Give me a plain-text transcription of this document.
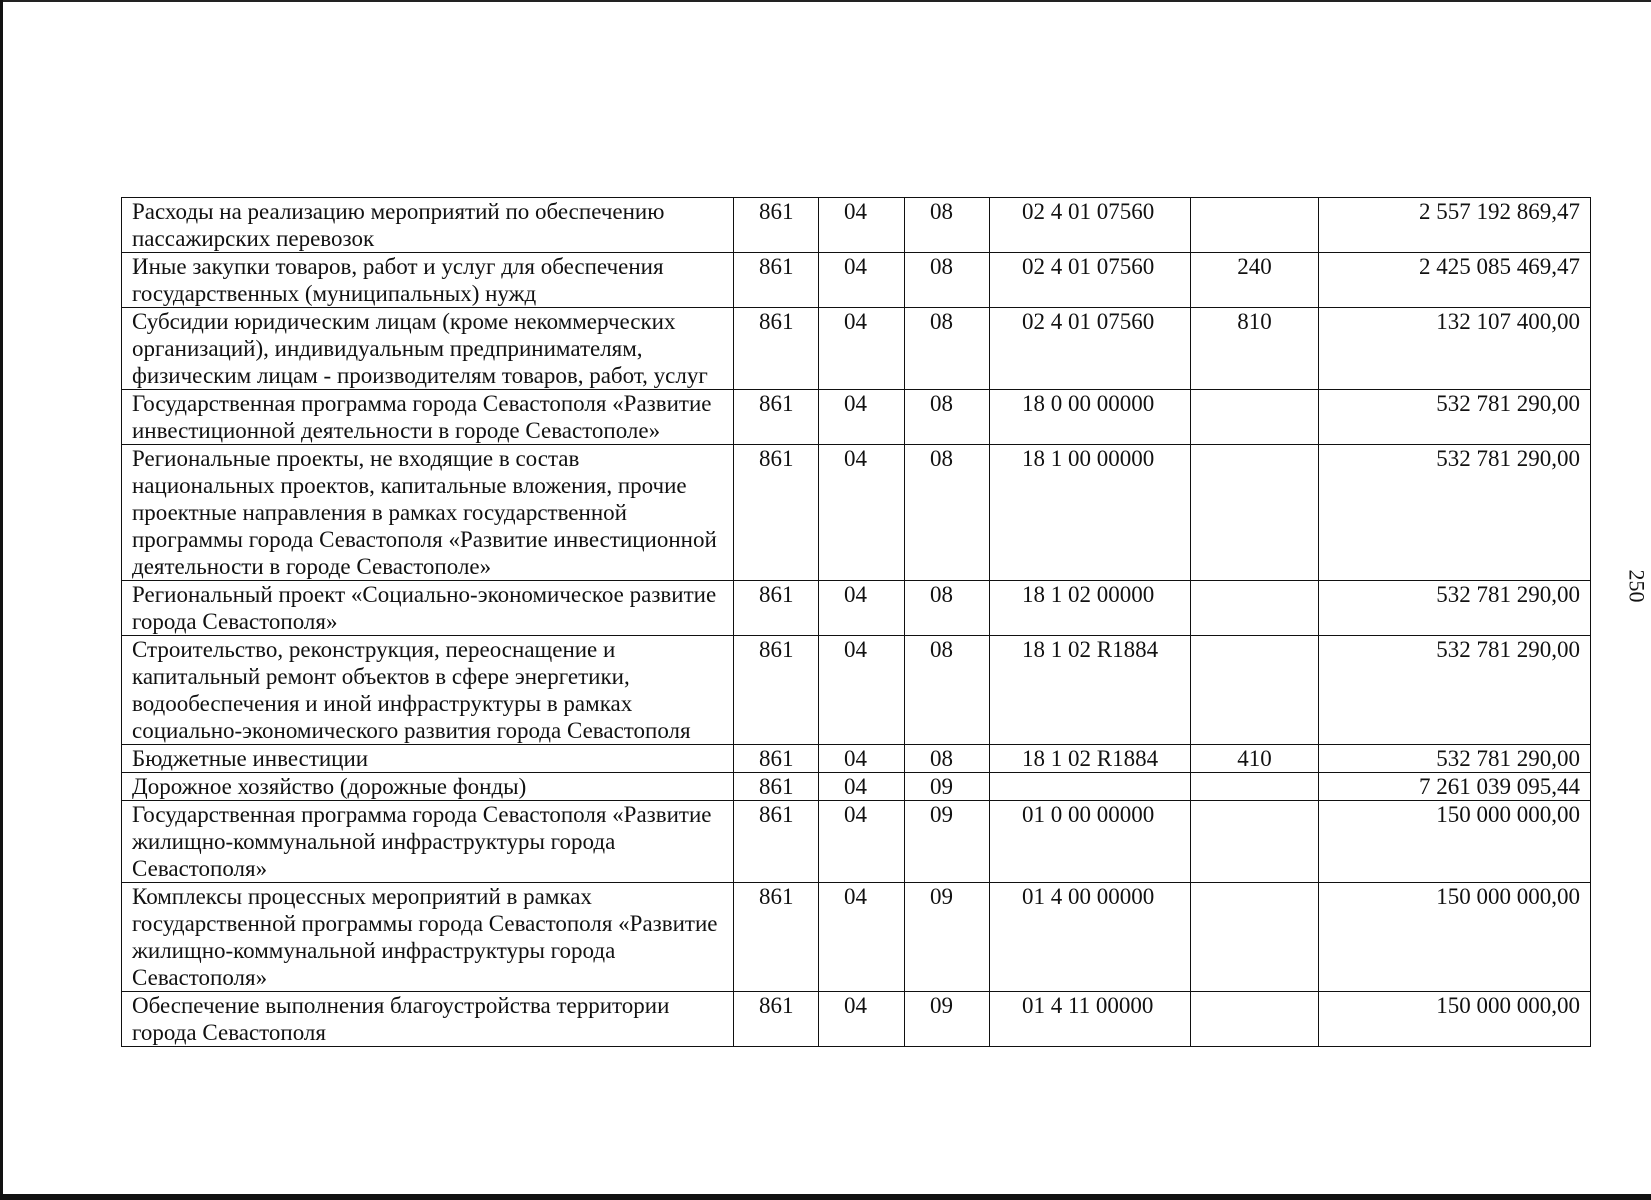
Расходы на реализацию мероприятий по обеспечению пассажирских перевозок	861	04	08	02 4 01 07560		2 557 192 869,47
Иные закупки товаров, работ и услуг для обеспечения государственных (муниципальных) нужд	861	04	08	02 4 01 07560	240	2 425 085 469,47
Субсидии юридическим лицам (кроме некоммерческих организаций), индивидуальным предпринимателям, физическим лицам - производителям товаров, работ, услуг	861	04	08	02 4 01 07560	810	132 107 400,00
Государственная программа города Севастополя «Развитие инвестиционной деятельности в городе Севастополе»	861	04	08	18 0 00 00000		532 781 290,00
Региональные проекты, не входящие в состав национальных проектов, капитальные вложения, прочие проектные направления в рамках государственной программы города Севастополя «Развитие инвестиционной деятельности в городе Севастополе»	861	04	08	18 1 00 00000		532 781 290,00
Региональный проект «Социально-экономическое развитие города Севастополя»	861	04	08	18 1 02 00000		532 781 290,00
Строительство, реконструкция, переоснащение и капитальный ремонт объектов в сфере энергетики, водообеспечения и иной инфраструктуры в рамках социально-экономического развития города Севастополя	861	04	08	18 1 02 R1884		532 781 290,00
Бюджетные инвестиции	861	04	08	18 1 02 R1884	410	532 781 290,00
Дорожное хозяйство (дорожные фонды)	861	04	09			7 261 039 095,44
Государственная программа города Севастополя «Развитие жилищно-коммунальной инфраструктуры города Севастополя»	861	04	09	01 0 00 00000		150 000 000,00
Комплексы процессных мероприятий в рамках государственной программы города Севастополя «Развитие жилищно-коммунальной инфраструктуры города Севастополя»	861	04	09	01 4 00 00000		150 000 000,00
Обеспечение выполнения благоустройства территории города Севастополя	861	04	09	01 4 11 00000		150 000 000,00
250
